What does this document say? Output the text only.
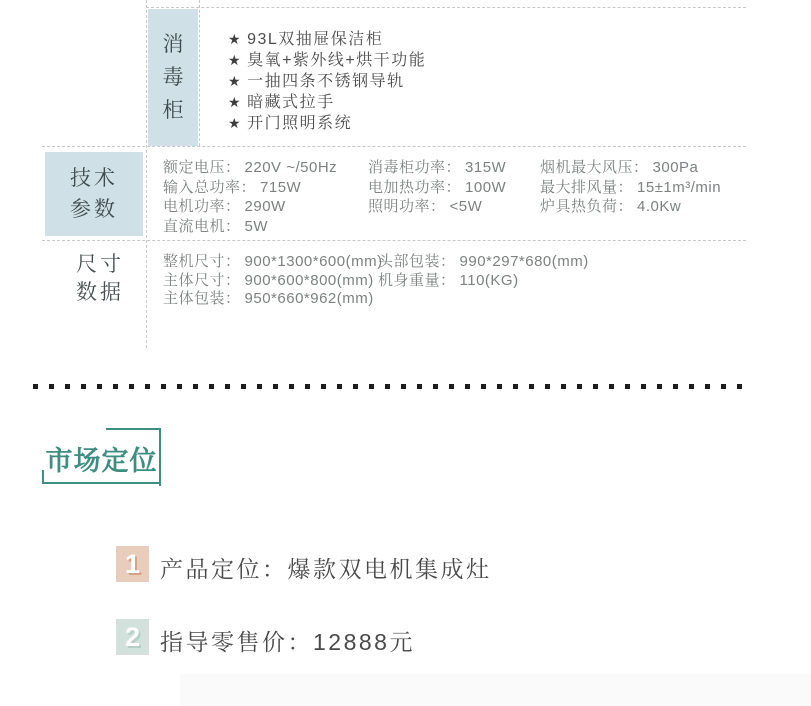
消毒柜
★ 93L双抽屉保洁柜
★ 臭氧+紫外线+烘干功能
★ 一抽四条不锈钢导轨
★ 暗藏式拉手
★ 开门照明系统
技术
参数
额定电压： 220V ~/50Hz
输入总功率： 715W
电机功率： 290W
直流电机： 5W
消毒柜功率： 315W
电加热功率： 100W
照明功率： <5W
烟机最大风压： 300Pa
最大排风量： 15±1m³/min
炉具热负荷： 4.0Kw
尺寸
数据
整机尺寸： 900*1300*600(mm)
主体尺寸： 900*600*800(mm)
主体包装： 950*660*962(mm)
头部包装： 990*297*680(mm)
机身重量： 110(KG)
市场定位
1 产品定位：爆款双电机集成灶
2 指导零售价：12888元
